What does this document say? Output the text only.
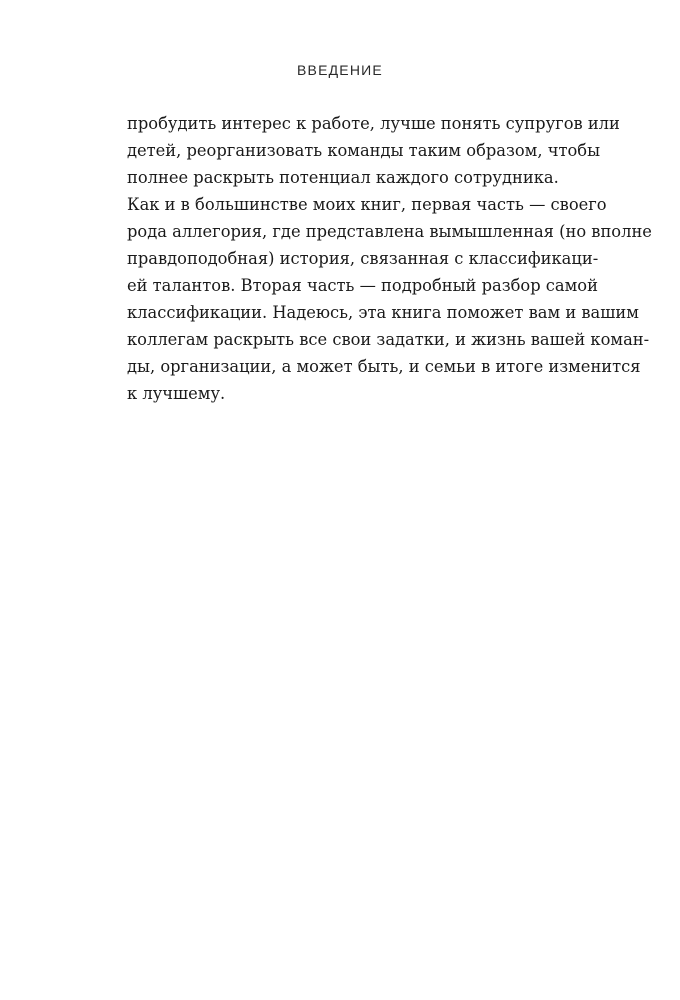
ВВЕДЕНИЕ
пробудить интерес к работе, лучше понять супругов или
детей, реорганизовать команды таким образом, чтобы
полнее раскрыть потенциал каждого сотрудника.
Как и в большинстве моих книг, первая часть — своего
рода аллегория, где представлена вымышленная (но вполне
правдоподобная) история, связанная с классификаци-
ей талантов. Вторая часть — подробный разбор самой
классификации. Надеюсь, эта книга поможет вам и вашим
коллегам раскрыть все свои задатки, и жизнь вашей коман-
ды, организации, а может быть, и семьи в итоге изменится
к лучшему.
